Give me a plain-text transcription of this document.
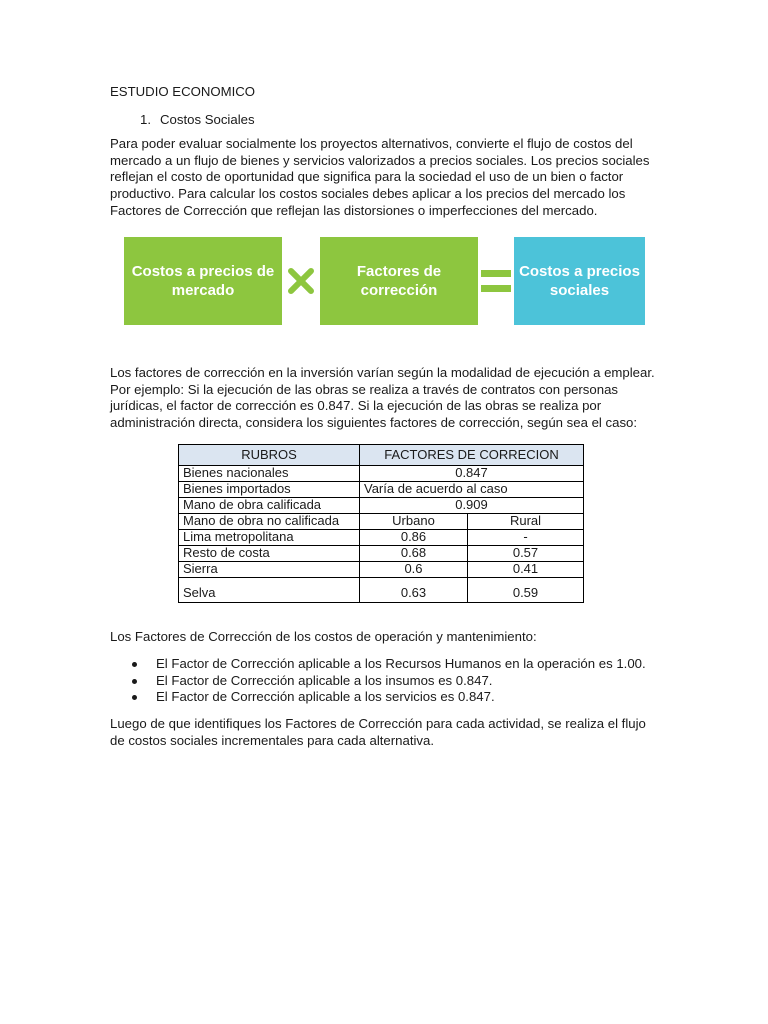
ESTUDIO ECONOMICO

1. Costos Sociales

Para poder evaluar socialmente los proyectos alternativos, convierte el flujo de costos del mercado a un flujo de bienes y servicios valorizados a precios sociales. Los precios sociales reflejan el costo de oportunidad que significa para la sociedad el uso de un bien o factor productivo. Para calcular los costos sociales debes aplicar a los precios del mercado los Factores de Corrección que reflejan las distorsiones o imperfecciones del mercado.

Costos a precios de mercado
Factores de corrección
Costos a precios sociales

Los factores de corrección en la inversión varían según la modalidad de ejecución a emplear. Por ejemplo: Si la ejecución de las obras se realiza a través de contratos con personas jurídicas, el factor de corrección es 0.847. Si la ejecución de las obras se realiza por administración directa, considera los siguientes factores de corrección, según sea el caso:

RUBROS	FACTORES DE CORRECION	
Bienes nacionales	0.847	
Bienes importados	Varía de acuerdo al caso	
Mano de obra calificada	0.909	
Mano de obra no calificada	Urbano	Rural
Lima metropolitana	0.86	-
Resto de costa	0.68	0.57
Sierra	0.6	0.41
Selva	0.63	0.59

Los Factores de Corrección de los costos de operación y mantenimiento:

El Factor de Corrección aplicable a los Recursos Humanos en la operación es 1.00.
El Factor de Corrección aplicable a los insumos es 0.847.
El Factor de Corrección aplicable a los servicios es 0.847.

Luego de que identifiques los Factores de Corrección para cada actividad, se realiza el flujo de costos sociales incrementales para cada alternativa.
